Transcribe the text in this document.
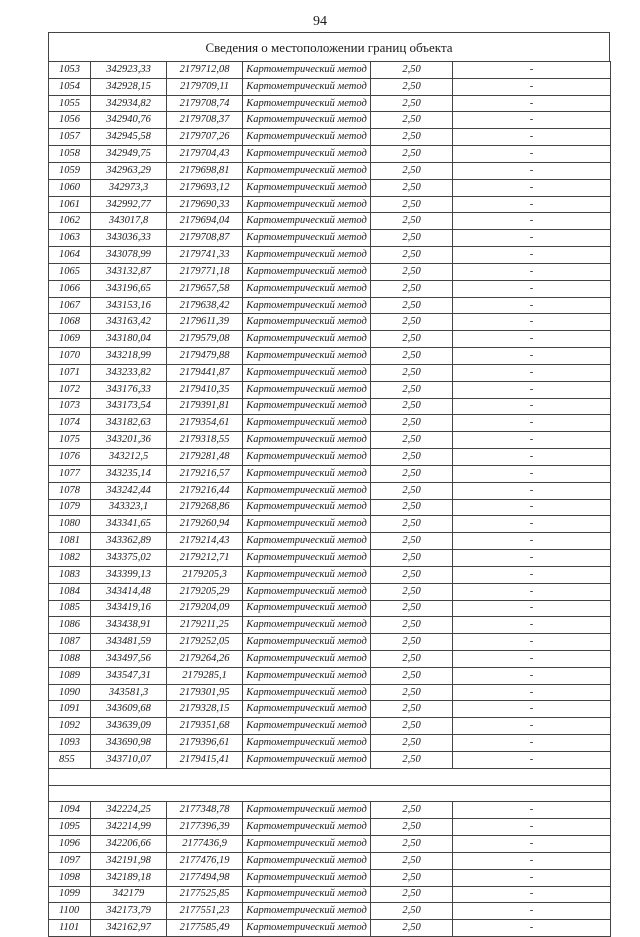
94
Сведения о местоположении границ объекта
1053	342923,33	2179712,08	Картометрический метод	2,50	-
1054	342928,15	2179709,11	Картометрический метод	2,50	-
1055	342934,82	2179708,74	Картометрический метод	2,50	-
1056	342940,76	2179708,37	Картометрический метод	2,50	-
1057	342945,58	2179707,26	Картометрический метод	2,50	-
1058	342949,75	2179704,43	Картометрический метод	2,50	-
1059	342963,29	2179698,81	Картометрический метод	2,50	-
1060	342973,3	2179693,12	Картометрический метод	2,50	-
1061	342992,77	2179690,33	Картометрический метод	2,50	-
1062	343017,8	2179694,04	Картометрический метод	2,50	-
1063	343036,33	2179708,87	Картометрический метод	2,50	-
1064	343078,99	2179741,33	Картометрический метод	2,50	-
1065	343132,87	2179771,18	Картометрический метод	2,50	-
1066	343196,65	2179657,58	Картометрический метод	2,50	-
1067	343153,16	2179638,42	Картометрический метод	2,50	-
1068	343163,42	2179611,39	Картометрический метод	2,50	-
1069	343180,04	2179579,08	Картометрический метод	2,50	-
1070	343218,99	2179479,88	Картометрический метод	2,50	-
1071	343233,82	2179441,87	Картометрический метод	2,50	-
1072	343176,33	2179410,35	Картометрический метод	2,50	-
1073	343173,54	2179391,81	Картометрический метод	2,50	-
1074	343182,63	2179354,61	Картометрический метод	2,50	-
1075	343201,36	2179318,55	Картометрический метод	2,50	-
1076	343212,5	2179281,48	Картометрический метод	2,50	-
1077	343235,14	2179216,57	Картометрический метод	2,50	-
1078	343242,44	2179216,44	Картометрический метод	2,50	-
1079	343323,1	2179268,86	Картометрический метод	2,50	-
1080	343341,65	2179260,94	Картометрический метод	2,50	-
1081	343362,89	2179214,43	Картометрический метод	2,50	-
1082	343375,02	2179212,71	Картометрический метод	2,50	-
1083	343399,13	2179205,3	Картометрический метод	2,50	-
1084	343414,48	2179205,29	Картометрический метод	2,50	-
1085	343419,16	2179204,09	Картометрический метод	2,50	-
1086	343438,91	2179211,25	Картометрический метод	2,50	-
1087	343481,59	2179252,05	Картометрический метод	2,50	-
1088	343497,56	2179264,26	Картометрический метод	2,50	-
1089	343547,31	2179285,1	Картометрический метод	2,50	-
1090	343581,3	2179301,95	Картометрический метод	2,50	-
1091	343609,68	2179328,15	Картометрический метод	2,50	-
1092	343639,09	2179351,68	Картометрический метод	2,50	-
1093	343690,98	2179396,61	Картометрический метод	2,50	-
855	343710,07	2179415,41	Картометрический метод	2,50	-

1094	342224,25	2177348,78	Картометрический метод	2,50	-
1095	342214,99	2177396,39	Картометрический метод	2,50	-
1096	342206,66	2177436,9	Картометрический метод	2,50	-
1097	342191,98	2177476,19	Картометрический метод	2,50	-
1098	342189,18	2177494,98	Картометрический метод	2,50	-
1099	342179	2177525,85	Картометрический метод	2,50	-
1100	342173,79	2177551,23	Картометрический метод	2,50	-
1101	342162,97	2177585,49	Картометрический метод	2,50	-
